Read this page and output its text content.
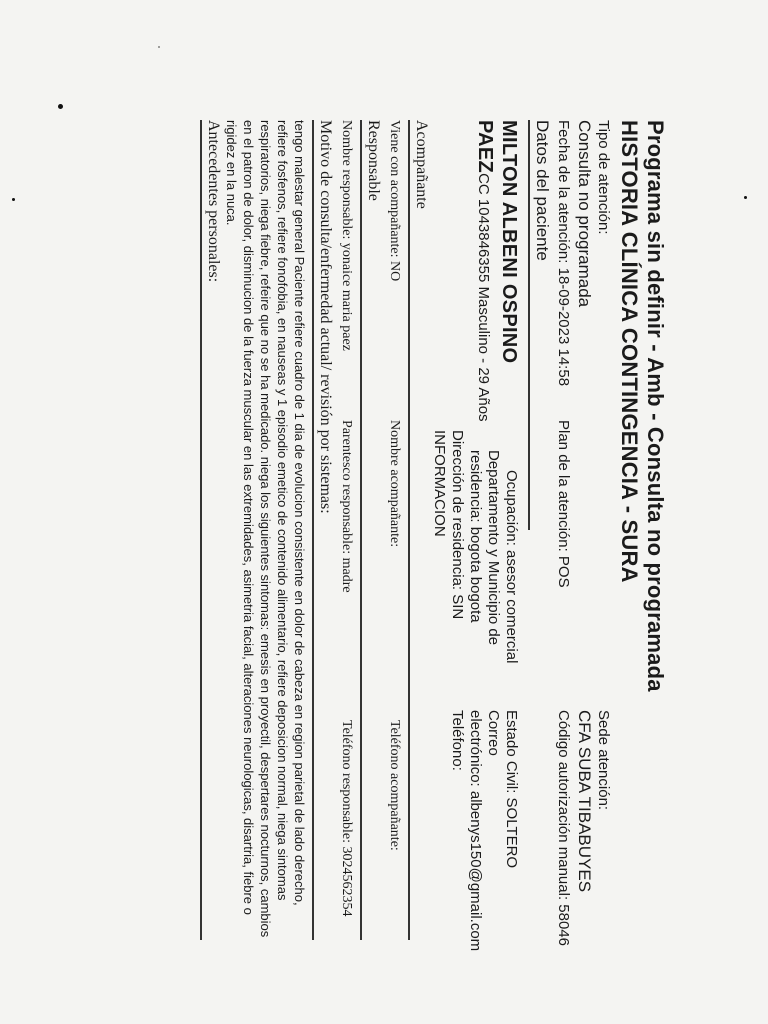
Programa sin definir - Amb - Consulta no programada
HISTORIA CLÍNICA CONTINGENCIA - SURA
Tipo de atención:
Consulta no programada
Fecha de la atención: 18-09-2023 14:58
Plan de la atención: POS
Sede atención:
CFA SUBA TIBABUYES
Código autorización manual: 58046
Datos del paciente
MILTON ALBENI OSPINO
PAEZCC 1043846355 Masculino - 29 Años
Ocupación: asesor comercial
Departamento y Municipio de
residencia: bogota bogota
Dirección de residencia: SIN
INFORMACION
Estado Civil: SOLTERO
Correo
electrónico: albenys150@gmail.com
Teléfono:
Acompañante
Viene con acompañante: NO
Nombre acompañante:
Teléfono acompañante:
Responsable
Nombre responsable: yonaice maria paez
Parentesco responsable: madre
Teléfono responsable: 3024562354
Motivo de consulta/enfermedad actual/ revisión por sistemas:
tengo malestar general Paciente refiere cuadro de 1 dia de evolucion consistente en dolor de cabeza en region parietal de lado derecho, refiere fosfenos, refiere fonofobia, en nauseas y 1 episodio emetico de contenido alimentario, refiere deposicion normal, niega sintomas respiratorios, niega fiebre, refeire que no se ha medicado. niega los siguientes sintomas: emesis en proyectil, despertares nocturnos, cambios en el patron de dolor, disminucion de la fuerza muscular en las extremidades, asimetria facial, alteraciones neurologicas, disartria, fiebre o rigidez en la nuca.
Antecedentes personales:
